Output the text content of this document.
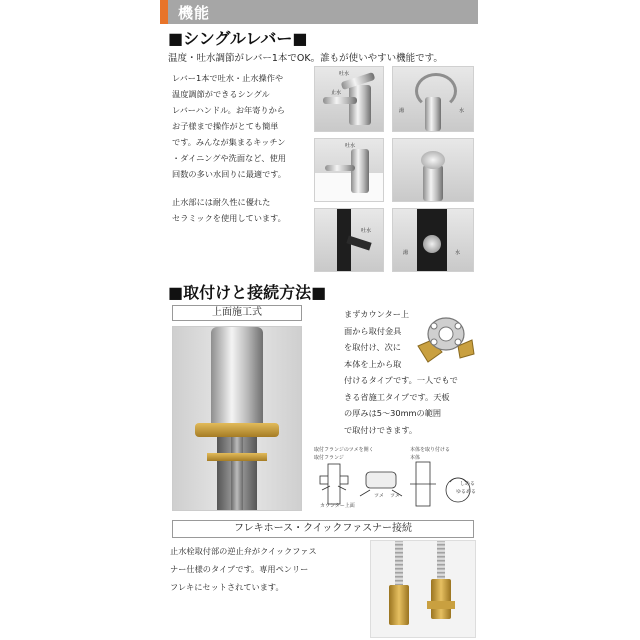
機能
■シングルレバー■
温度・吐水調節がレバー1本でOK。誰もが使いやすい機能です。
レバー1本で吐水・止水操作や
温度調節ができるシングル
レバーハンドル。お年寄りから
お子様まで操作がとても簡単
です。みんなが集まるキッチン
・ダイニングや洗面など、使用
回数の多い水回りに最適です。
止水部には耐久性に優れた
セラミックを使用しています。
吐水
止水
湯	水
吐水
吐水
湯	水
■取付けと接続方法■
上面施工式	まずカウンター上
面から取付金具
を取付け、次に
本体を上から取
付けるタイプです。一人でもで
きる省施工タイプです。天板
の厚みは5〜30mmの範囲
で取付けできます。
取付フランジのツメを開く
取付フランジ
本体を取り付ける
本体
カウンター上面
ツメ ツメ
しめる
ゆるめる
フレキホース・クイックファスナー接続
止水栓取付部の逆止弁がクイックファス
ナー仕様のタイプです。専用ペンリー
フレキにセットされています。
